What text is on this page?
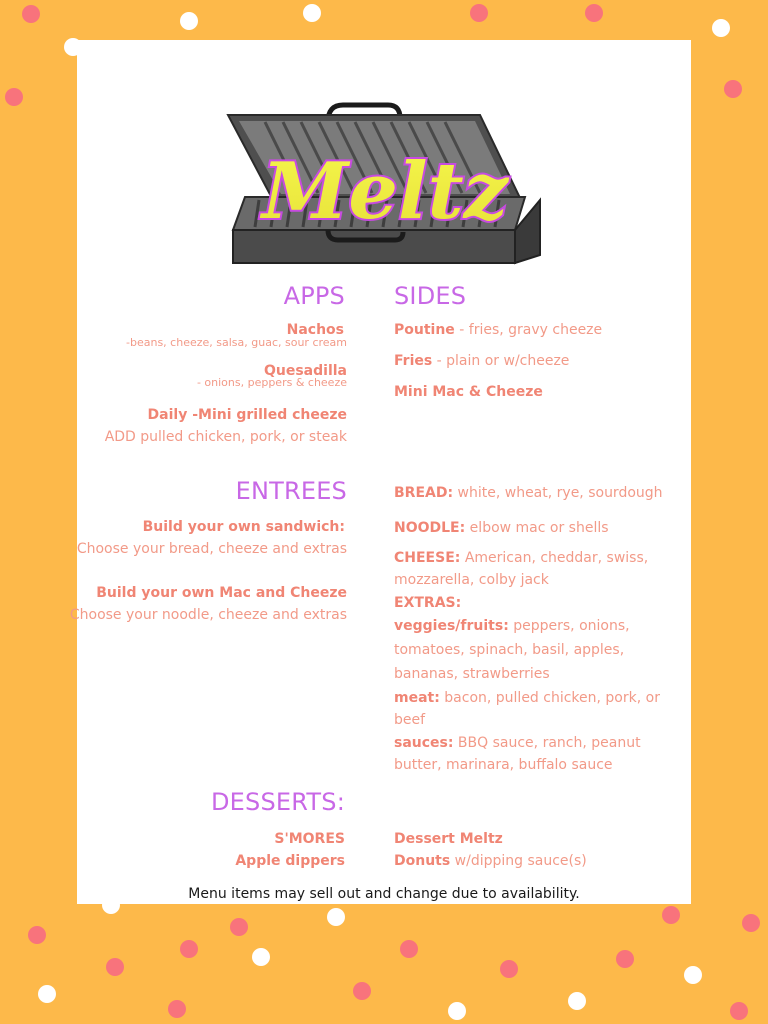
Meltz
APPS
Nachos
-beans, cheeze, salsa, guac, sour cream
Quesadilla
- onions, peppers & cheeze
Daily -Mini grilled cheeze
ADD pulled chicken, pork, or steak
SIDES
Poutine - fries, gravy cheeze
Fries - plain or w/cheeze
Mini Mac & Cheeze
ENTREES
Build your own sandwich:
Choose your bread, cheeze and extras
Build your own Mac and Cheeze
Choose your noodle, cheeze and extras
BREAD: white, wheat, rye, sourdough
NOODLE: elbow mac or shells
CHEESE: American, cheddar, swiss,
mozzarella, colby jack
EXTRAS:
veggies/fruits: peppers, onions,
tomatoes, spinach, basil, apples,
bananas, strawberries
meat: bacon, pulled chicken, pork, or
beef
sauces: BBQ sauce, ranch, peanut
butter, marinara, buffalo sauce
DESSERTS:
S'MORES
Apple dippers
Dessert Meltz
Donuts w/dipping sauce(s)
Menu items may sell out and change due to availability.
